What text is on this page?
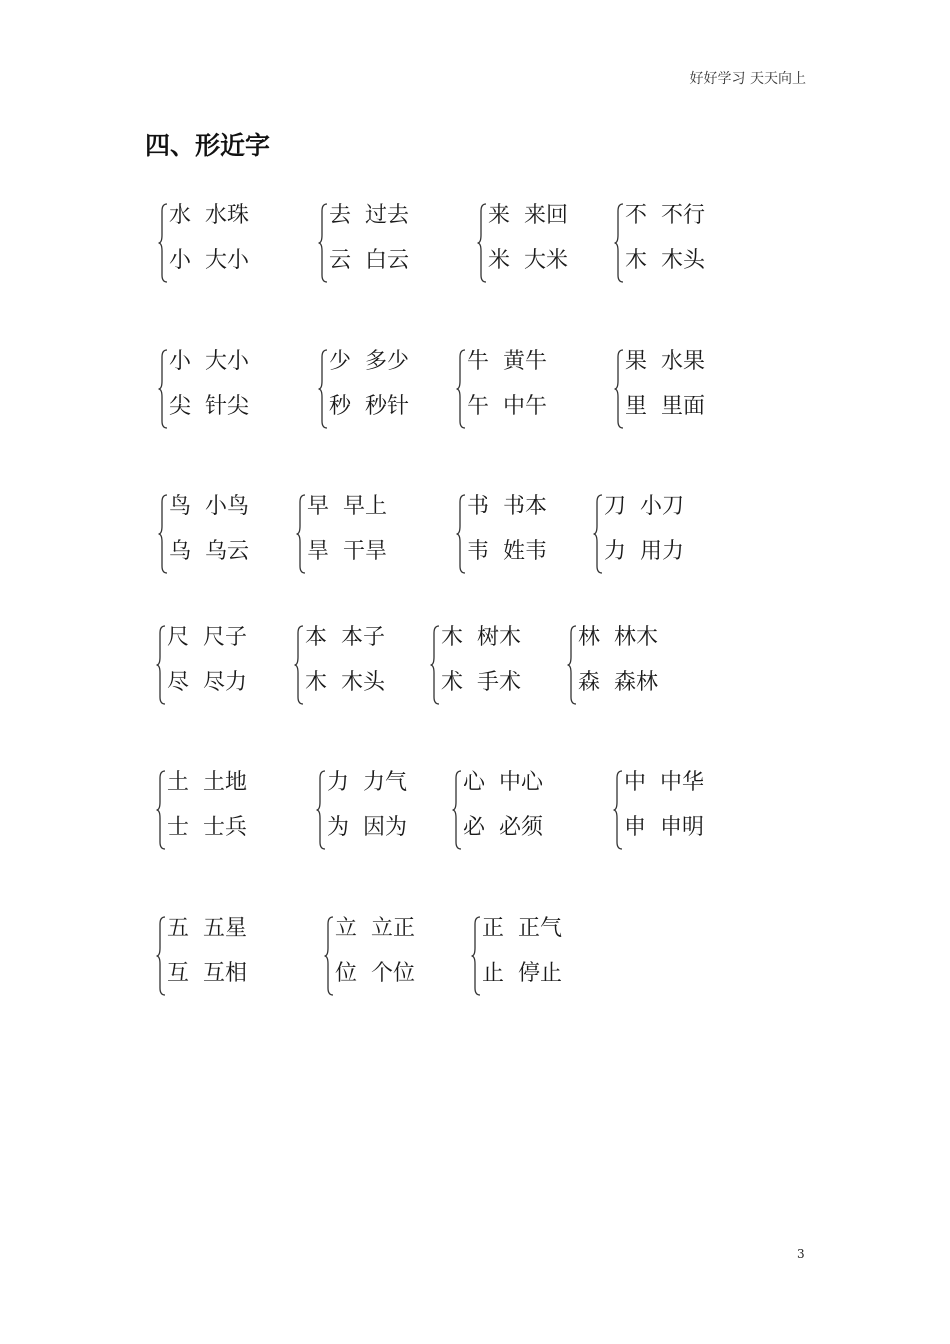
好好学习 天天向上
四、形近字
水 水珠
小 大小
去 过去
云 白云
来 来回
米 大米
不 不行
木 木头
小 大小
尖 针尖
少 多少
秒 秒针
牛 黄牛
午 中午
果 水果
里 里面
鸟 小鸟
乌 乌云
早 早上
旱 干旱
书 书本
韦 姓韦
刀 小刀
力 用力
尺 尺子
尽 尽力
本 本子
木 木头
木 树木
术 手术
林 林木
森 森林
土 土地
士 士兵
力 力气
为 因为
心 中心
必 必须
中 中华
申 申明
五 五星
互 互相
立 立正
位 个位
正 正气
止 停止
3
